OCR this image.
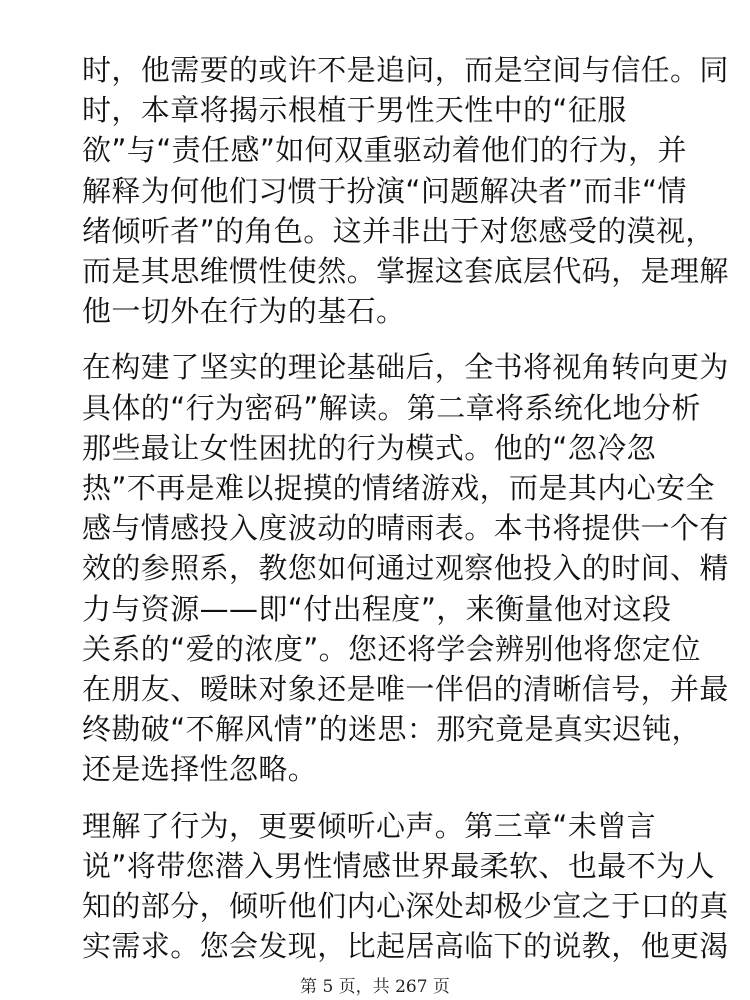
时，他需要的或许不是追问，而是空间与信任。同
时，本章将揭示根植于男性天性中的“征服
欲”与“责任感”如何双重驱动着他们的行为，并
解释为何他们习惯于扮演“问题解决者”而非“情
绪倾听者”的角色。这并非出于对您感受的漠视，
而是其思维惯性使然。掌握这套底层代码，是理解
他一切外在行为的基石。
在构建了坚实的理论基础后，全书将视角转向更为
具体的“行为密码”解读。第二章将系统化地分析
那些最让女性困扰的行为模式。他的“忽冷忽
热”不再是难以捉摸的情绪游戏，而是其内心安全
感与情感投入度波动的晴雨表。本书将提供一个有
效的参照系，教您如何通过观察他投入的时间、精
力与资源——即“付出程度”，来衡量他对这段
关系的“爱的浓度”。您还将学会辨别他将您定位
在朋友、暧昧对象还是唯一伴侣的清晰信号，并最
终勘破“不解风情”的迷思：那究竟是真实迟钝，
还是选择性忽略。
理解了行为，更要倾听心声。第三章“未曾言
说”将带您潜入男性情感世界最柔软、也最不为人
知的部分，倾听他们内心深处却极少宣之于口的真
实需求。您会发现，比起居高临下的说教，他更渴
第 5 页，共 267 页
